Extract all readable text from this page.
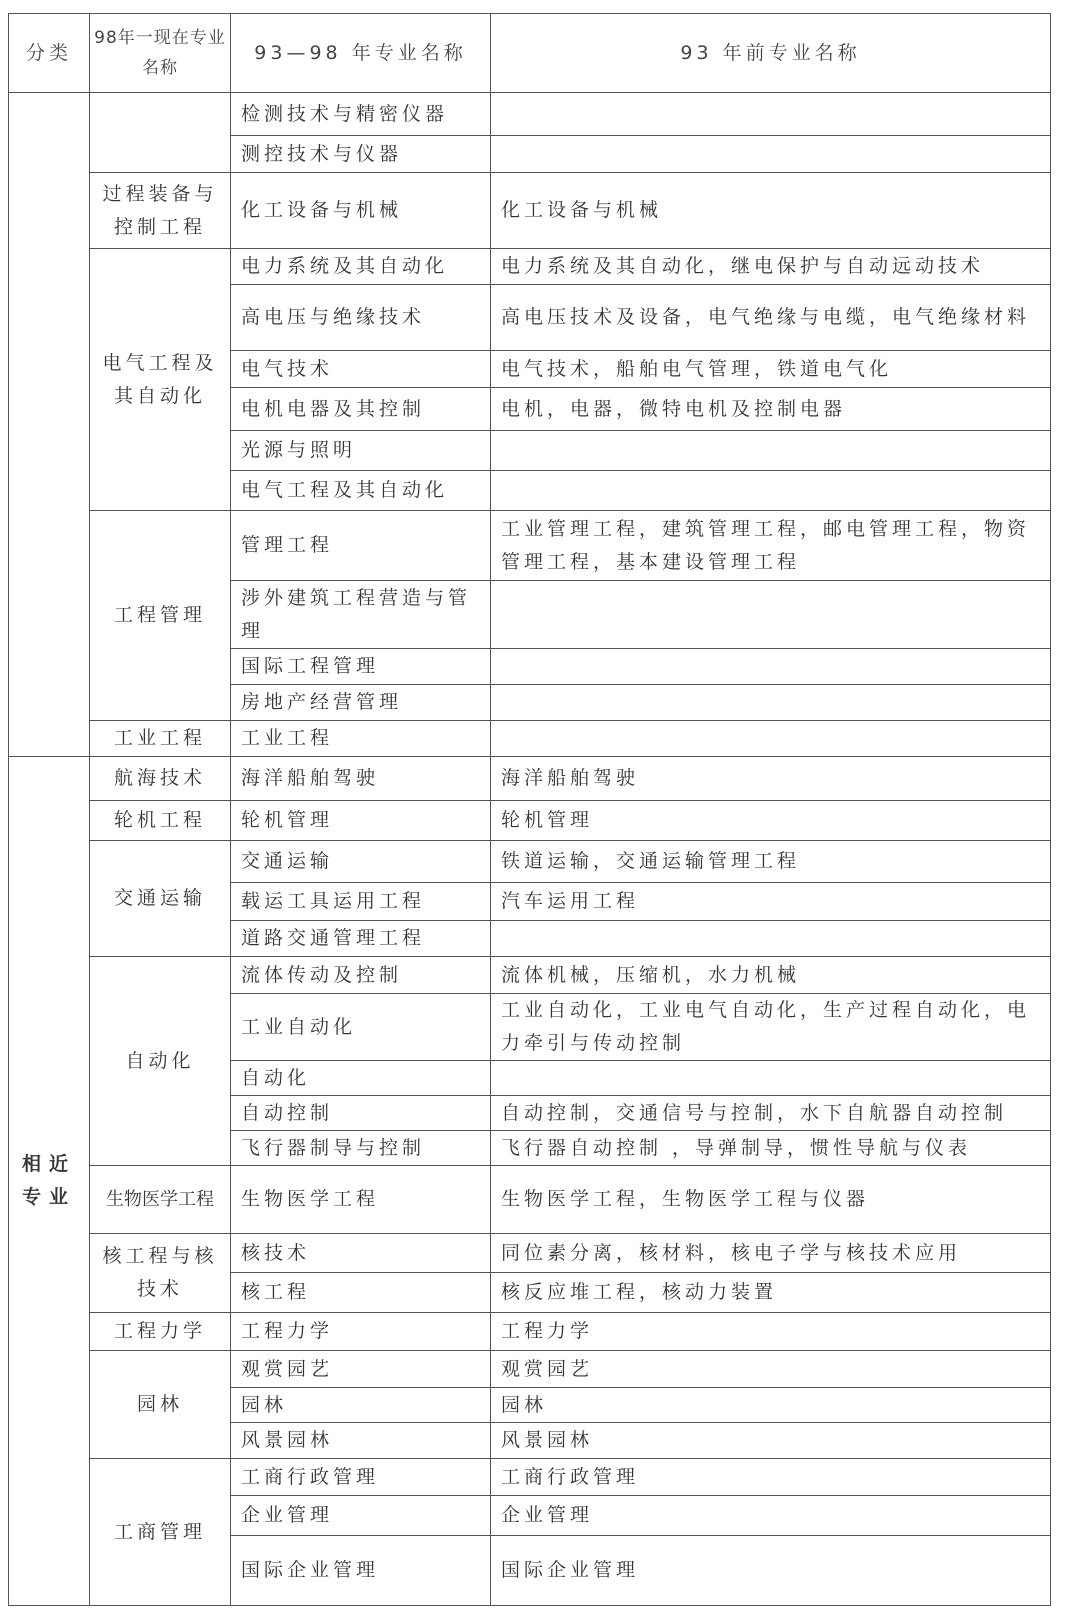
分类	98年一现在专业名称	93—98 年专业名称	93 年前专业名称
		检测技术与精密仪器	
		测控技术与仪器	
	过程装备与控制工程	化工设备与机械	化工设备与机械
	电气工程及其自动化	电力系统及其自动化	电力系统及其自动化，继电保护与自动远动技术
		高电压与绝缘技术	高电压技术及设备，电气绝缘与电缆，电气绝缘材料
		电气技术	电气技术，船舶电气管理，铁道电气化
		电机电器及其控制	电机，电器，微特电机及控制电器
		光源与照明	
		电气工程及其自动化	
	工程管理	管理工程	工业管理工程，建筑管理工程，邮电管理工程，物资管理工程，基本建设管理工程
		涉外建筑工程营造与管理	
		国际工程管理	
		房地产经营管理	
	工业工程	工业工程	
相近专业	航海技术	海洋船舶驾驶	海洋船舶驾驶
	轮机工程	轮机管理	轮机管理
	交通运输	交通运输	铁道运输，交通运输管理工程
		载运工具运用工程	汽车运用工程
		道路交通管理工程	
	自动化	流体传动及控制	流体机械，压缩机，水力机械
		工业自动化	工业自动化，工业电气自动化，生产过程自动化，电力牵引与传动控制
		自动化	
		自动控制	自动控制，交通信号与控制，水下自航器自动控制
		飞行器制导与控制	飞行器自动控制 ，导弹制导，惯性导航与仪表
	生物医学工程	生物医学工程	生物医学工程，生物医学工程与仪器
	核工程与核技术	核技术	同位素分离，核材料，核电子学与核技术应用
		核工程	核反应堆工程，核动力装置
	工程力学	工程力学	工程力学
	园林	观赏园艺	观赏园艺
		园林	园林
		风景园林	风景园林
	工商管理	工商行政管理	工商行政管理
		企业管理	企业管理
		国际企业管理	国际企业管理
